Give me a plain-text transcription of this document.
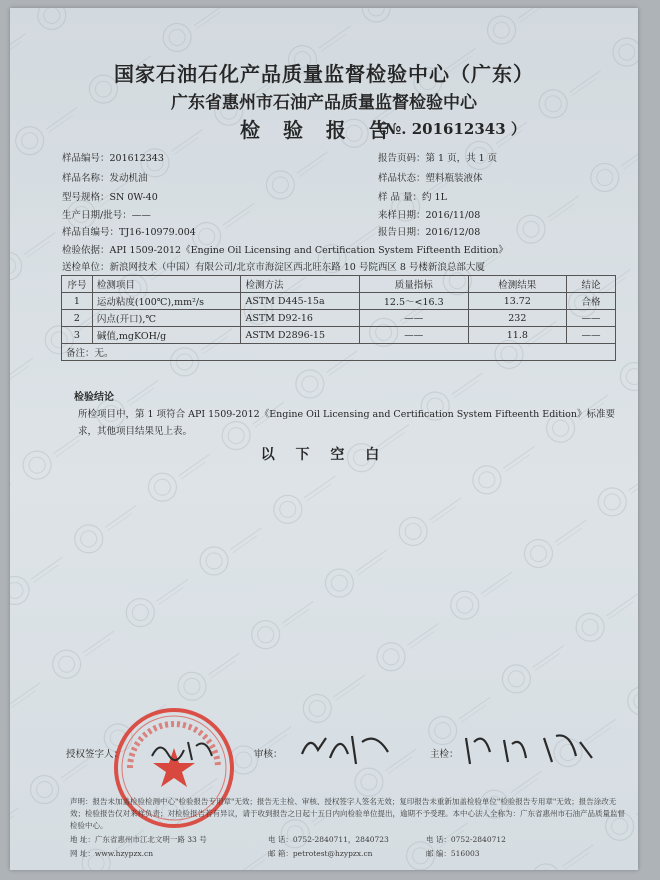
国家石油石化产品质量监督检验中心（广东）
广东省惠州市石油产品质量监督检验中心
检 验 报 告
（№. 201612343 ）
样品编号：201612343	报告页码：第 1 页，共 1 页
样品名称：发动机油	样品状态：塑料瓶装液体
型号规格：SN 0W-40	样 品 量：约 1L
生产日期/批号：——	来样日期：2016/11/08
样品自编号：TJ16-10979.004	报告日期：2016/12/08
检验依据：API 1509-2012《Engine Oil Licensing and Certification System Fifteenth Edition》
送检单位：新浪网技术（中国）有限公司/北京市海淀区西北旺东路 10 号院西区 8 号楼新浪总部大厦
序号	检测项目	检测方法	质量指标	检测结果	结论
1	运动粘度(100℃),mm²/s	ASTM D445-15a	12.5～<16.3	13.72	合格
2	闪点(开口),℃	ASTM D92-16	——	232	——
3	碱值,mgKOH/g	ASTM D2896-15	——	11.8	——
备注：无。					
检验结论
所检项目中，第 1 项符合 API 1509-2012《Engine Oil Licensing and Certification System Fifteenth Edition》标准要求，其他项目结果见上表。
以 下 空 白
授权签字人：	审核：	主检：
声明：报告未加盖检验检测中心"检验报告专用章"无效；报告无主检、审核、授权签字人签名无效；复印报告未重新加盖检验单位"检验报告专用章"无效；报告涂改无效；检验报告仅对来样负责；对检验报告若有异议，请于收到报告之日起十五日内向检验单位提出，逾期不予受理。本中心法人全称为：广东省惠州市石油产品质量监督检验中心。
地 址：广东省惠州市江北文明一路 33 号	电 话：0752-2840711，2840723	电 话：0752-2840712
网 址：www.hzypzx.cn	邮 箱：petrotest@hzypzx.cn	邮 编：516003
